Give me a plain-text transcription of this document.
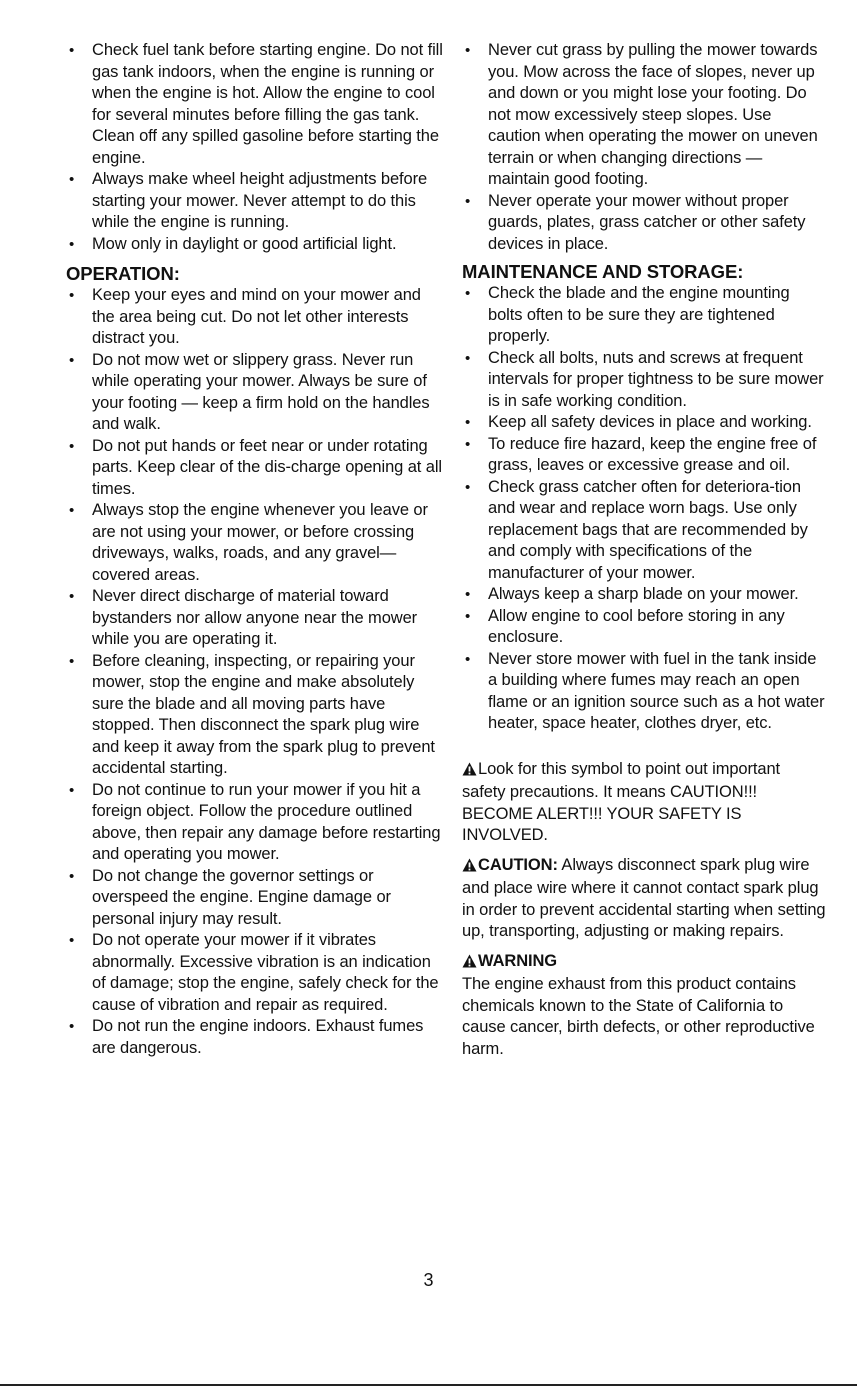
• Check fuel tank before starting engine. Do not fill gas tank indoors, when the engine is running or when the engine is hot. Allow the engine to cool for several minutes before filling the gas tank. Clean off any spilled gasoline before starting the engine.
• Always make wheel height adjustments before starting your mower. Never attempt to do this while the engine is running.
• Mow only in daylight or good artificial light.
OPERATION:
• Keep your eyes and mind on your mower and the area being cut. Do not let other interests distract you.
• Do not mow wet or slippery grass. Never run while operating your mower. Always be sure of your footing — keep a firm hold on the handles and walk.
• Do not put hands or feet near or under rotating parts. Keep clear of the dis-charge opening at all times.
• Always stop the engine whenever you leave or are not using your mower, or before crossing driveways, walks, roads, and any gravel—covered areas.
• Never direct discharge of material toward bystanders nor allow anyone near the mower while you are operating it.
• Before cleaning, inspecting, or repairing your mower, stop the engine and make absolutely sure the blade and all moving parts have stopped. Then disconnect the spark plug wire and keep it away from the spark plug to prevent accidental starting.
• Do not continue to run your mower if you hit a foreign object. Follow the procedure outlined above, then repair any damage before restarting and operating you mower.
• Do not change the governor settings or overspeed the engine. Engine damage or personal injury may result.
• Do not operate your mower if it vibrates abnormally. Excessive vibration is an indication of damage; stop the engine, safely check for the cause of vibration and repair as required.
• Do not run the engine indoors. Exhaust fumes are dangerous.
• Never cut grass by pulling the mower towards you. Mow across the face of slopes, never up and down or you might lose your footing. Do not mow excessively steep slopes. Use caution when operating the mower on uneven terrain or when changing directions — maintain good footing.
• Never operate your mower without proper guards, plates, grass catcher or other safety devices in place.
MAINTENANCE AND STORAGE:
• Check the blade and the engine mounting bolts often to be sure they are tightened properly.
• Check all bolts, nuts and screws at frequent intervals for proper tightness to be sure mower is in safe working condition.
• Keep all safety devices in place and working.
• To reduce fire hazard, keep the engine free of grass, leaves or excessive grease and oil.
• Check grass catcher often for deteriora-tion and wear and replace worn bags. Use only replacement bags that are recommended by and comply with specifications of the manufacturer of your mower.
• Always keep a sharp blade on your mower.
• Allow engine to cool before storing in any enclosure.
• Never store mower with fuel in the tank inside a building where fumes may reach an open flame or an ignition source such as a hot water heater, space heater, clothes dryer, etc.

Look for this symbol to point out important safety precautions. It means CAUTION!!! BECOME ALERT!!! YOUR SAFETY IS INVOLVED.

CAUTION: Always disconnect spark plug wire and place wire where it cannot contact spark plug in order to prevent accidental starting when setting up, transporting, adjusting or making repairs.

WARNING
The engine exhaust from this product contains chemicals known to the State of California to cause cancer, birth defects, or other reproductive harm.

3
